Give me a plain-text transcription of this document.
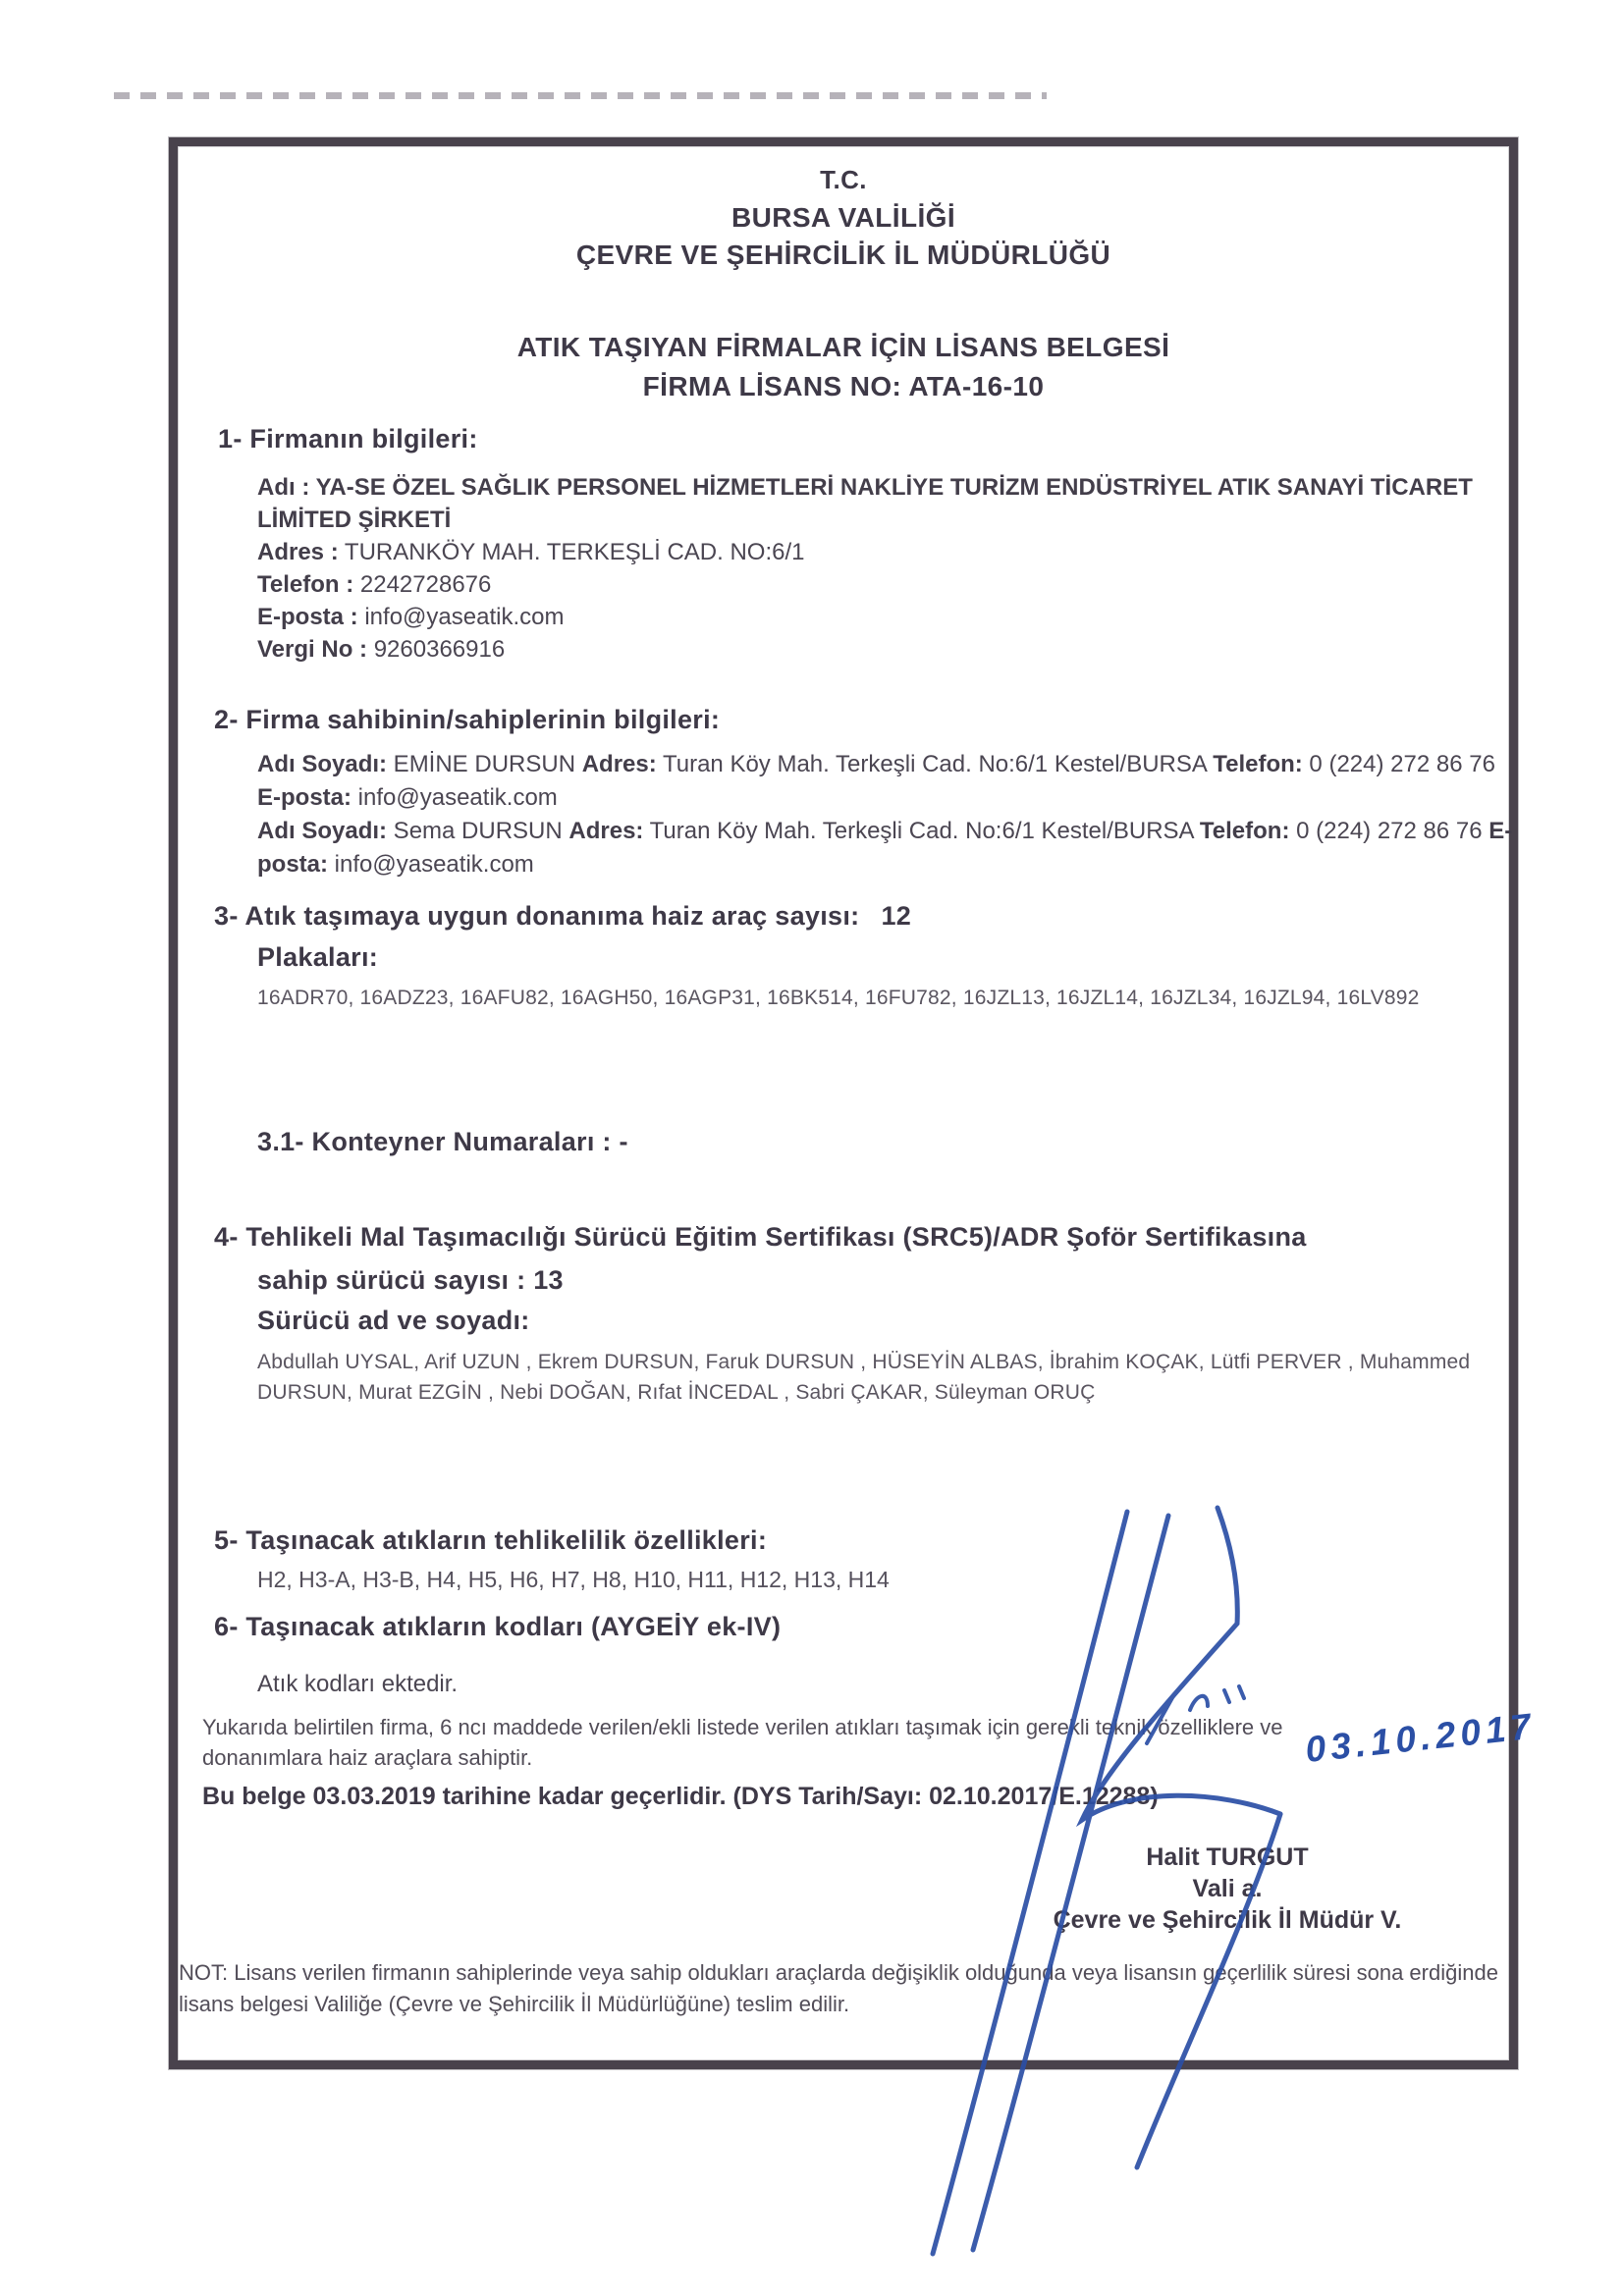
T.C.
BURSA VALİLİĞİ
ÇEVRE VE ŞEHİRCİLİK İL MÜDÜRLÜĞÜ
ATIK TAŞIYAN FİRMALAR İÇİN LİSANS BELGESİ
FİRMA LİSANS NO: ATA-16-10
1- Firmanın bilgileri:

Adı : YA-SE ÖZEL SAĞLIK PERSONEL HİZMETLERİ NAKLİYE TURİZM ENDÜSTRİYEL ATIK SANAYİ TİCARET LİMİTED ŞİRKETİ

Adres : TURANKÖY MAH. TERKEŞLİ CAD. NO:6/1

Telefon : 2242728676

E-posta : info@yaseatik.com

Vergi No : 9260366916

2- Firma sahibinin/sahiplerinin bilgileri:

Adı Soyadı: EMİNE DURSUN Adres: Turan Köy Mah. Terkeşli Cad. No:6/1 Kestel/BURSA Telefon: 0 (224) 272 86 76 E-posta: info@yaseatik.com

Adı Soyadı: Sema DURSUN Adres: Turan Köy Mah. Terkeşli Cad. No:6/1 Kestel/BURSA Telefon: 0 (224) 272 86 76 E-posta: info@yaseatik.com

3- Atık taşımaya uygun donanıma haiz araç sayısı: 12
Plakaları:
16ADR70, 16ADZ23, 16AFU82, 16AGH50, 16AGP31, 16BK514, 16FU782, 16JZL13, 16JZL14, 16JZL34, 16JZL94, 16LV892
3.1- Konteyner Numaraları : -
4- Tehlikeli Mal Taşımacılığı Sürücü Eğitim Sertifikası (SRC5)/ADR Şoför Sertifikasına sahip sürücü sayısı : 13
Sürücü ad ve soyadı:
Abdullah UYSAL, Arif UZUN , Ekrem DURSUN, Faruk DURSUN , HÜSEYİN ALBAS, İbrahim KOÇAK, Lütfi PERVER , Muhammed DURSUN, Murat EZGİN , Nebi DOĞAN, Rıfat İNCEDAL , Sabri ÇAKAR, Süleyman ORUÇ
5- Taşınacak atıkların tehlikelilik özellikleri:
H2, H3-A, H3-B, H4, H5, H6, H7, H8, H10, H11, H12, H13, H14
6- Taşınacak atıkların kodları (AYGEİY ek-IV)
Atık kodları ektedir.
Yukarıda belirtilen firma, 6 ncı maddede verilen/ekli listede verilen atıkları taşımak için gerekli teknik özelliklere ve donanımlara haiz araçlara sahiptir.
Bu belge 03.03.2019 tarihine kadar geçerlidir. (DYS Tarih/Sayı: 02.10.2017/E.12288)
03.10.2017
Halit TURGUT
Vali a.
Çevre ve Şehircilik İl Müdür V.
NOT: Lisans verilen firmanın sahiplerinde veya sahip oldukları araçlarda değişiklik olduğunda veya lisansın geçerlilik süresi sona erdiğinde lisans belgesi Valiliğe (Çevre ve Şehircilik İl Müdürlüğüne) teslim edilir.
